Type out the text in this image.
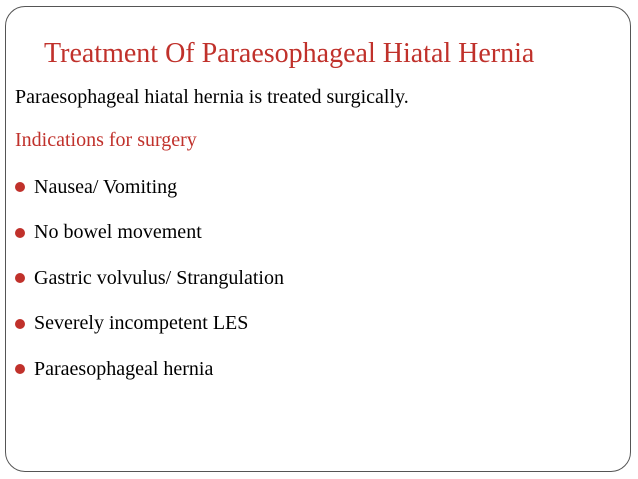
Treatment Of Paraesophageal Hiatal Hernia
Paraesophageal hiatal hernia is treated surgically.
Indications for surgery
Nausea/ Vomiting
No bowel movement
Gastric volvulus/ Strangulation
Severely incompetent LES
Paraesophageal hernia
